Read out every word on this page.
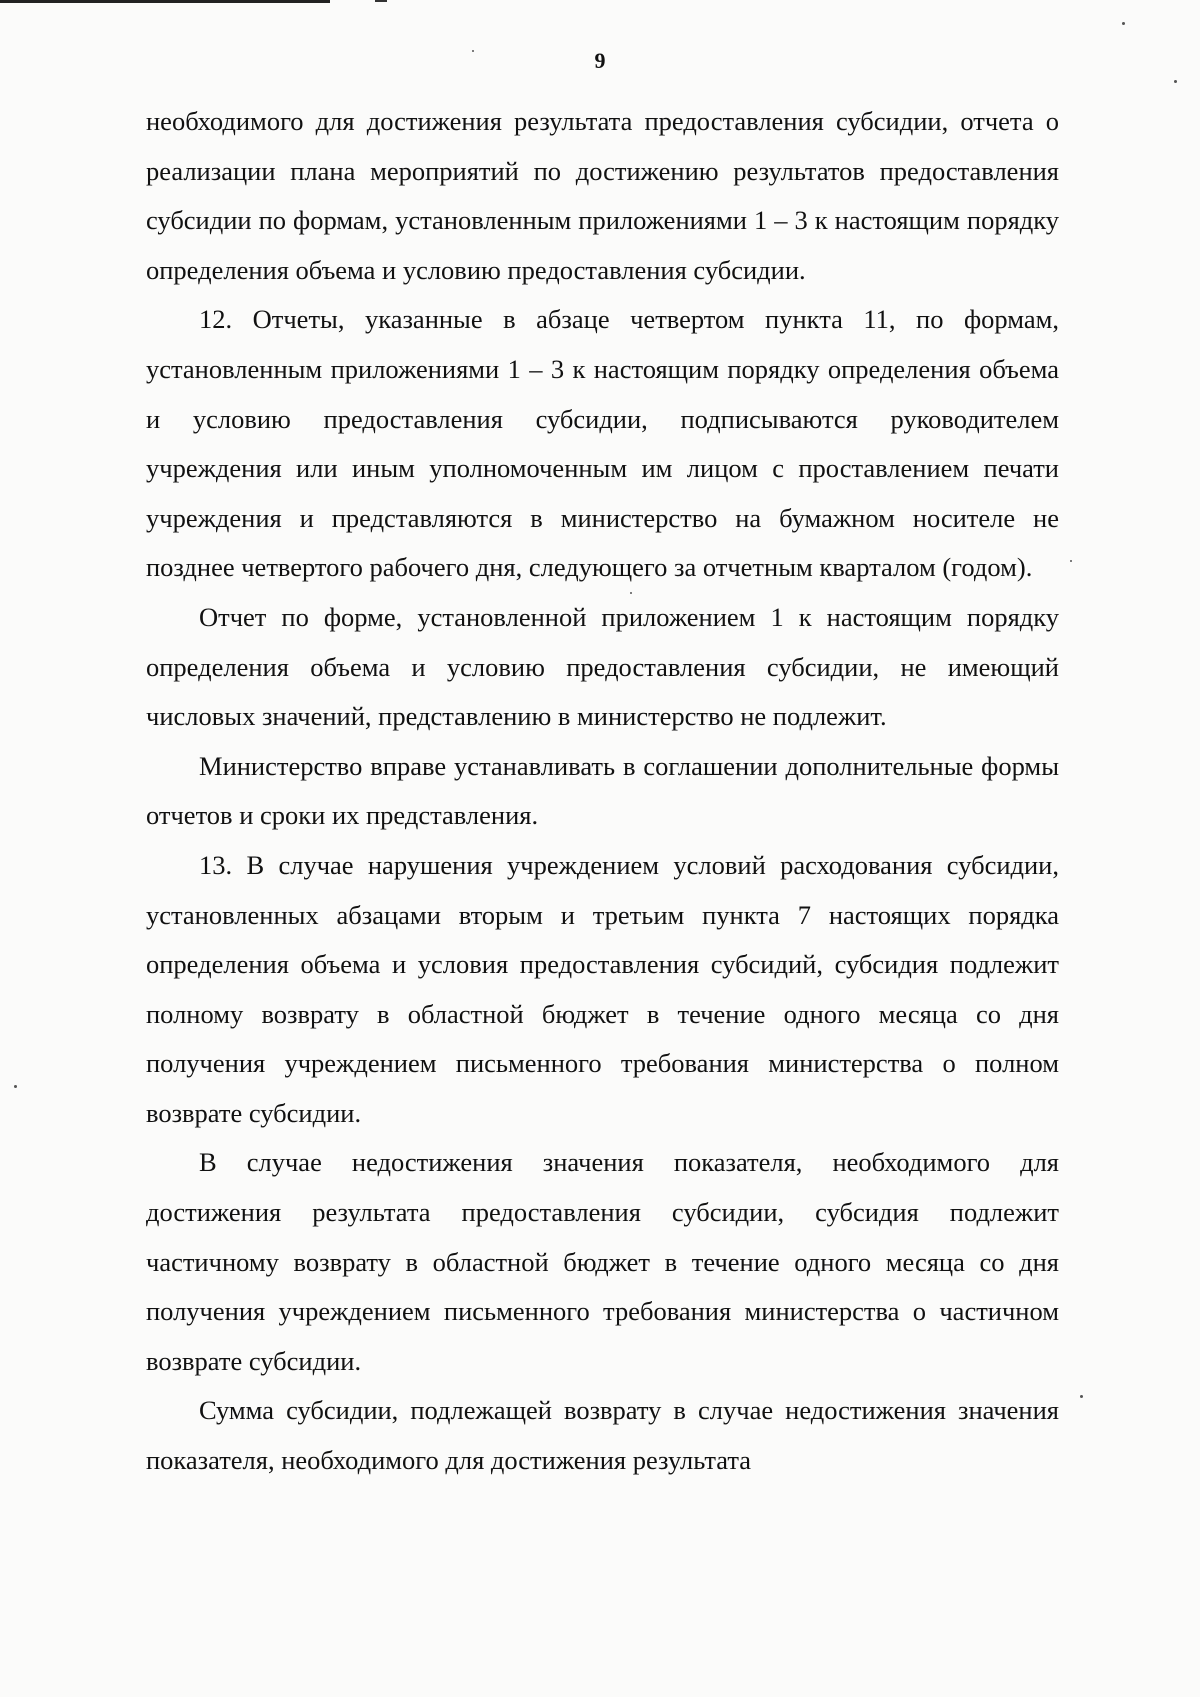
9

необходимого для достижения результата предоставления субсидии, отчета о реализации плана мероприятий по достижению результатов предоставления субсидии по формам, установленным приложениями 1 – 3 к настоящим порядку определения объема и условию предоставления субсидии.

12. Отчеты, указанные в абзаце четвертом пункта 11, по формам, установленным приложениями 1 – 3 к настоящим порядку определения объема и условию предоставления субсидии, подписываются руководителем учреждения или иным уполномоченным им лицом с проставлением печати учреждения и представляются в министерство на бумажном носителе не позднее четвертого рабочего дня, следующего за отчетным кварталом (годом).

Отчет по форме, установленной приложением 1 к настоящим порядку определения объема и условию предоставления субсидии, не имеющий числовых значений, представлению в министерство не подлежит.

Министерство вправе устанавливать в соглашении дополнительные формы отчетов и сроки их представления.

13. В случае нарушения учреждением условий расходования субсидии, установленных абзацами вторым и третьим пункта 7 настоящих порядка определения объема и условия предоставления субсидий, субсидия подлежит полному возврату в областной бюджет в течение одного месяца со дня получения учреждением письменного требования министерства о полном возврате субсидии.

В случае недостижения значения показателя, необходимого для достижения результата предоставления субсидии, субсидия подлежит частичному возврату в областной бюджет в течение одного месяца со дня получения учреждением письменного требования министерства о частичном возврате субсидии.

Сумма субсидии, подлежащей возврату в случае недостижения значения показателя, необходимого для достижения результата
